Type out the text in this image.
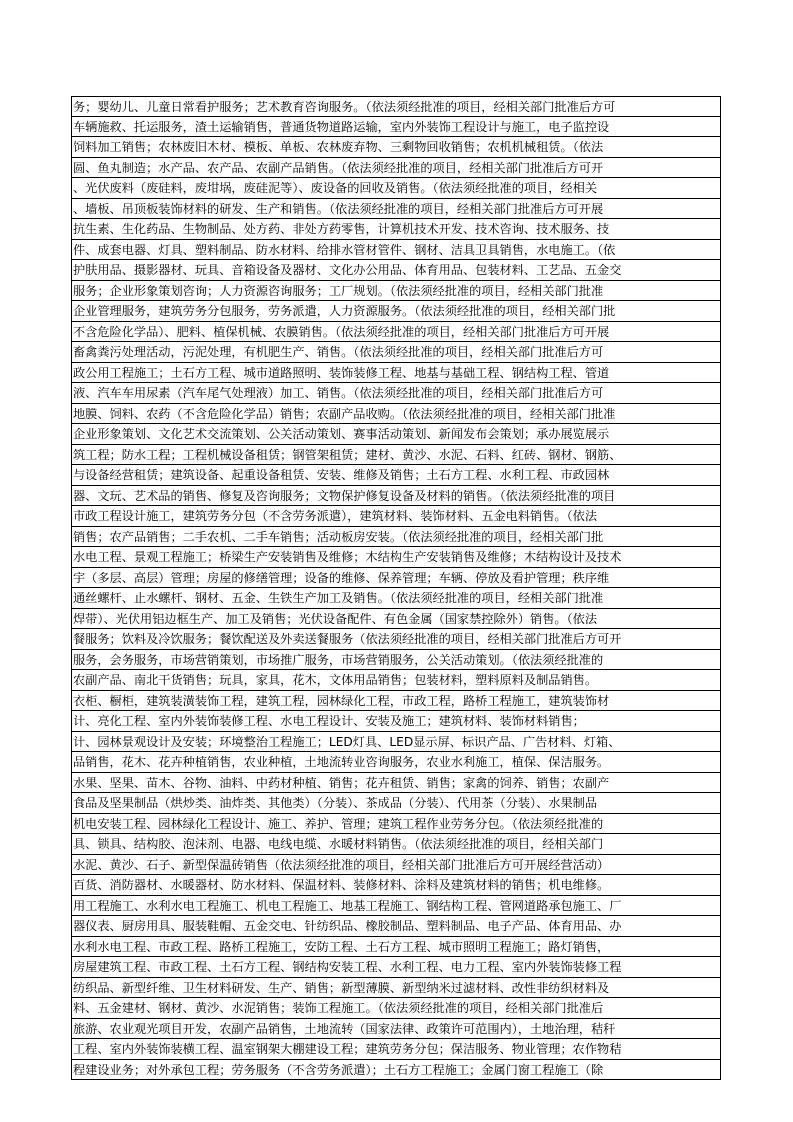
务；婴幼儿、儿童日常看护服务；艺术教育咨询服务。（依法须经批准的项目，经相关部门批准后方可
车辆施救、托运服务，渣土运输销售，普通货物道路运输，室内外装饰工程设计与施工，电子监控设
饲料加工销售；农林废旧木材、模板、单板、农林废弃物、三剩物回收销售；农机机械租赁。（依法
圆、鱼丸制造；水产品、农产品、农副产品销售。（依法须经批准的项目，经相关部门批准后方可开
、光伏废料（废硅料，废坩埚，废硅泥等）、废设备的回收及销售。（依法须经批准的项目，经相关
、墙板、吊顶板装饰材料的研发、生产和销售。（依法须经批准的项目，经相关部门批准后方可开展
抗生素、生化药品、生物制品、处方药、非处方药零售，计算机技术开发、技术咨询、技术服务、技
件、成套电器、灯具、塑料制品、防水材料、给排水管材管件、钢材、洁具卫具销售，水电施工。（依
护肤用品、摄影器材、玩具、音箱设备及器材、文化办公用品、体育用品、包装材料、工艺品、五金交
服务；企业形象策划咨询；人力资源咨询服务；工厂规划。（依法须经批准的项目，经相关部门批准
企业管理服务，建筑劳务分包服务，劳务派遣，人力资源服务。（依法须经批准的项目，经相关部门批
不含危险化学品）、肥料、植保机械、农膜销售。（依法须经批准的项目，经相关部门批准后方可开展
畜禽粪污处理活动，污泥处理，有机肥生产、销售。（依法须经批准的项目，经相关部门批准后方可
政公用工程施工；土石方工程、城市道路照明、装饰装修工程、地基与基础工程、钢结构工程、管道
液、汽车车用尿素（汽车尾气处理液）加工、销售。（依法须经批准的项目，经相关部门批准后方可
地膜、饲料、农药（不含危险化学品）销售；农副产品收购。（依法须经批准的项目，经相关部门批准
企业形象策划、文化艺术交流策划、公关活动策划、赛事活动策划、新闻发布会策划；承办展览展示
筑工程；防水工程；工程机械设备租赁；钢管架租赁；建材、黄沙、水泥、石料、红砖、钢材、钢筋、
与设备经营租赁；建筑设备、起重设备租赁、安装、维修及销售；土石方工程、水利工程、市政园林
器、文玩、艺术品的销售、修复及咨询服务；文物保护修复设备及材料的销售。（依法须经批准的项目
市政工程设计施工，建筑劳务分包（不含劳务派遣），建筑材料、装饰材料、五金电料销售。（依法
销售；农产品销售；二手农机、二手车销售；活动板房安装。（依法须经批准的项目，经相关部门批
水电工程、景观工程施工；桥梁生产安装销售及维修；木结构生产安装销售及维修；木结构设计及技术
宇（多层、高层）管理；房屋的修缮管理；设备的维修、保养管理；车辆、停放及看护管理；秩序维
通丝螺杆、止水螺杆、钢材、五金、生铁生产加工及销售。（依法须经批准的项目，经相关部门批准
焊带）、光伏用铝边框生产、加工及销售；光伏设备配件、有色金属（国家禁控除外）销售。（依法
餐服务；饮料及冷饮服务；餐饮配送及外卖送餐服务（依法须经批准的项目，经相关部门批准后方可开
服务，会务服务，市场营销策划，市场推广服务，市场营销服务，公关活动策划。（依法须经批准的
农副产品、南北干货销售；玩具，家具，花木，文体用品销售；包装材料，塑料原料及制品销售。
衣柜、橱柜，建筑装潢装饰工程，建筑工程，园林绿化工程，市政工程，路桥工程施工，建筑装饰材
计、亮化工程、室内外装饰装修工程、水电工程设计、安装及施工；建筑材料、装饰材料销售；
计、园林景观设计及安装；环境整治工程施工；LED灯具、LED显示屏、标识产品、广告材料、灯箱、
品销售，花木、花卉种植销售，农业种植，土地流转业咨询服务，农业水利施工，植保、保洁服务。
水果、坚果、苗木、谷物、油料、中药材种植、销售；花卉租赁、销售；家禽的饲养、销售；农副产
食品及坚果制品（烘炒类、油炸类、其他类）（分装）、茶成品（分装）、代用茶（分装）、水果制品
机电安装工程、园林绿化工程设计、施工、养护、管理；建筑工程作业劳务分包。（依法须经批准的
具、锁具、结构胶、泡沫剂、电器、电线电缆、水暖材料销售。（依法须经批准的项目，经相关部门
水泥、黄沙、石子、新型保温砖销售（依法须经批准的项目，经相关部门批准后方可开展经营活动）
百货、消防器材、水暖器材、防水材料、保温材料、装修材料、涂料及建筑材料的销售；机电维修。
用工程施工、水利水电工程施工、机电工程施工、地基工程施工、钢结构工程、管网道路承包施工、厂
器仪表、厨房用具、服装鞋帽、五金交电、针纺织品、橡胶制品、塑料制品、电子产品、体育用品、办
水利水电工程、市政工程、路桥工程施工，安防工程、土石方工程、城市照明工程施工；路灯销售，
房屋建筑工程、市政工程、土石方工程、钢结构安装工程、水利工程、电力工程、室内外装饰装修工程
纺织品、新型纤维、卫生材料研发、生产、销售；新型薄膜、新型纳米过滤材料、改性非纺织材料及
料、五金建材、钢材、黄沙、水泥销售；装饰工程施工。（依法须经批准的项目，经相关部门批准后
旅游、农业观光项目开发，农副产品销售，土地流转（国家法律、政策许可范围内），土地治理，秸秆
工程、室内外装饰装横工程、温室钢架大棚建设工程；建筑劳务分包；保洁服务、物业管理；农作物秸
程建设业务；对外承包工程；劳务服务（不含劳务派遣）；土石方工程施工；金属门窗工程施工（除
